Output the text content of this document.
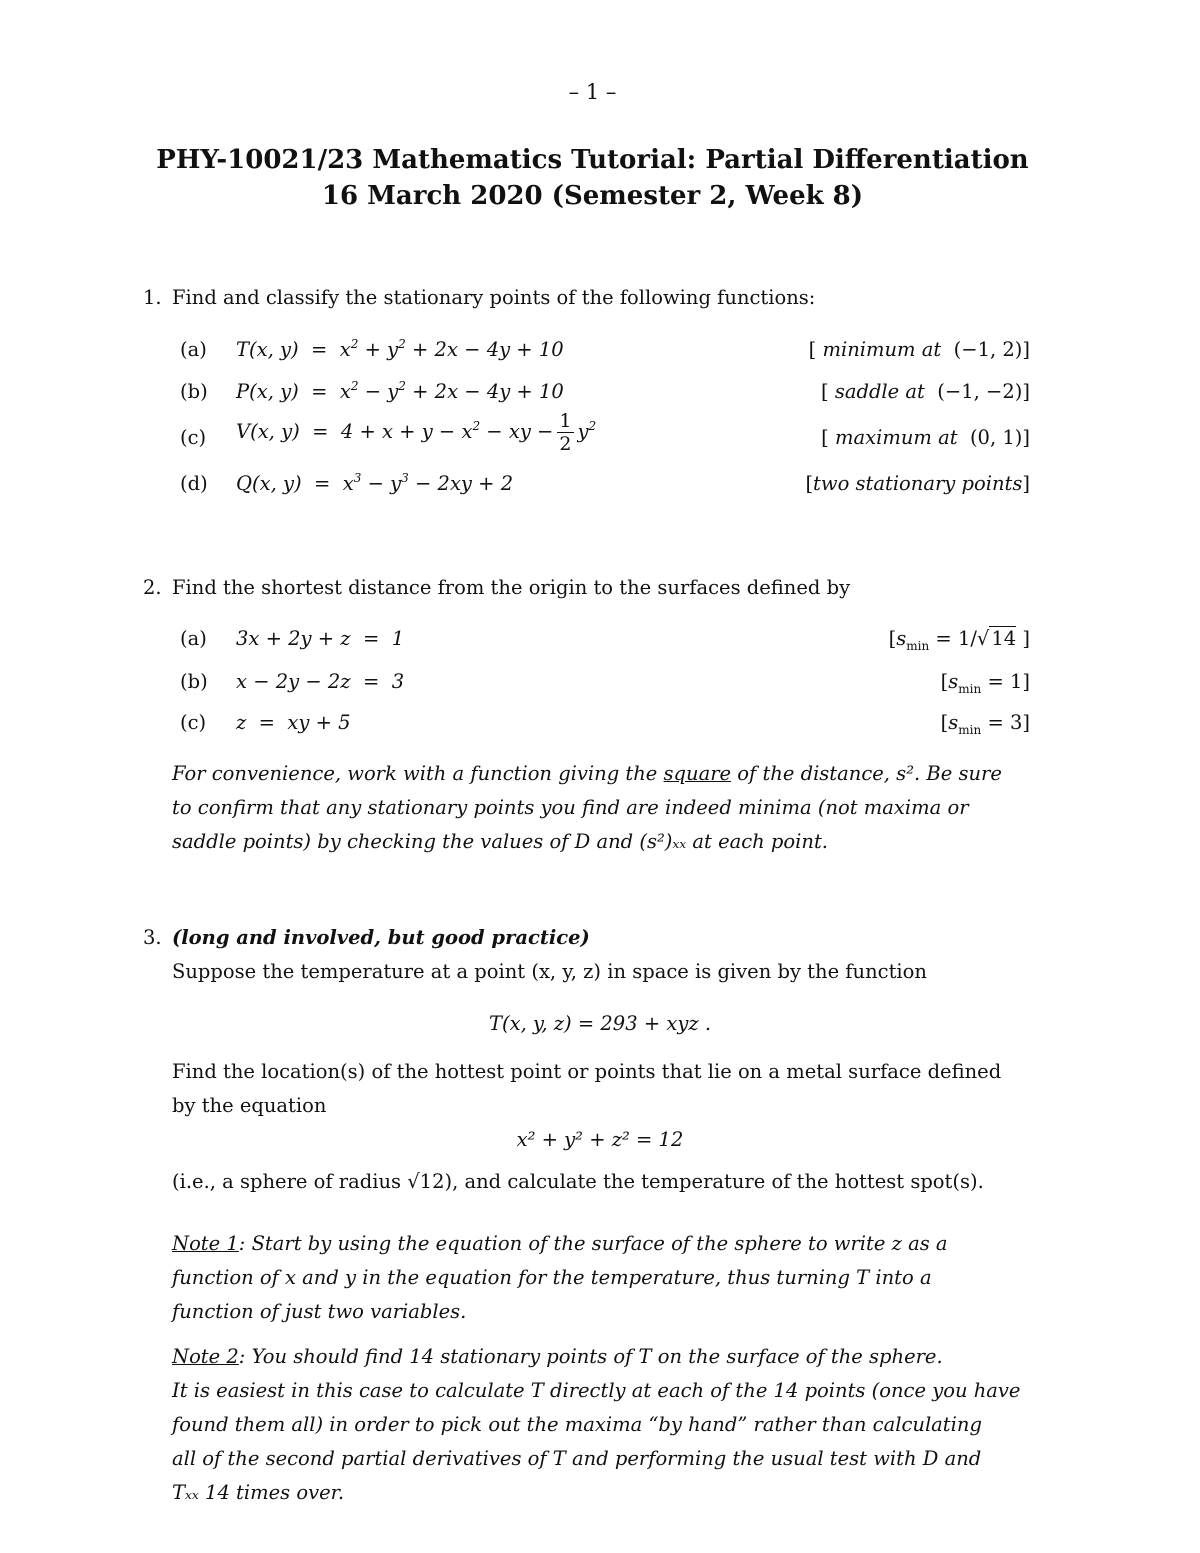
– 1 –
PHY-10021/23 Mathematics Tutorial: Partial Differentiation
16 March 2020 (Semester 2, Week 8)
1. Find and classify the stationary points of the following functions:
(a) T(x, $y) = x^2 + y^2 + 2x - 4y + 10$	[ minimum at (−1, 2)]
(b) P(x, $y) = x^2 - y^2 + 2x - 4y + 10$	[ saddle at (−1, −2)]
(c) V(x, $y) = 4 + x + y - x^2$ − xy − $\frac{1}{2} y^2$	[ maximum at (0, 1)]
(d) Q(x, $y) = x^3 - y^3 - 2xy + 2$	[two stationary points]
2. Find the shortest distance from the origin to the surfaces defined by
(a) 3x + 2y + z  =  1	[$s_{min} = 1/√$ 14 ]
(b) x − 2y − 2z  =  3	$[s_{min} = 1]$
(c) z  =  xy + 5	$[s_{min} = 3]$
For convenience, work with a function giving the square of the distance, s². Be sure
to confirm that any stationary points you find are indeed minima (not maxima or
saddle points) by checking the values of D and (s²)ₓₓ at each point.
3. (long and involved, but good practice)
Suppose the temperature at a point (x, y, z) in space is given by the function
T(x, y, z) = 293 + xyz .
Find the location(s) of the hottest point or points that lie on a metal surface defined
by the equation
x² + y² + z² = 12
(i.e., a sphere of radius √12), and calculate the temperature of the hottest spot(s).
Note 1: Start by using the equation of the surface of the sphere to write z as a
function of x and y in the equation for the temperature, thus turning T into a
function of just two variables.
Note 2: You should find 14 stationary points of T on the surface of the sphere.
It is easiest in this case to calculate T directly at each of the 14 points (once you have
found them all) in order to pick out the maxima “by hand” rather than calculating
all of the second partial derivatives of T and performing the usual test with D and
Tₓₓ 14 times over.
